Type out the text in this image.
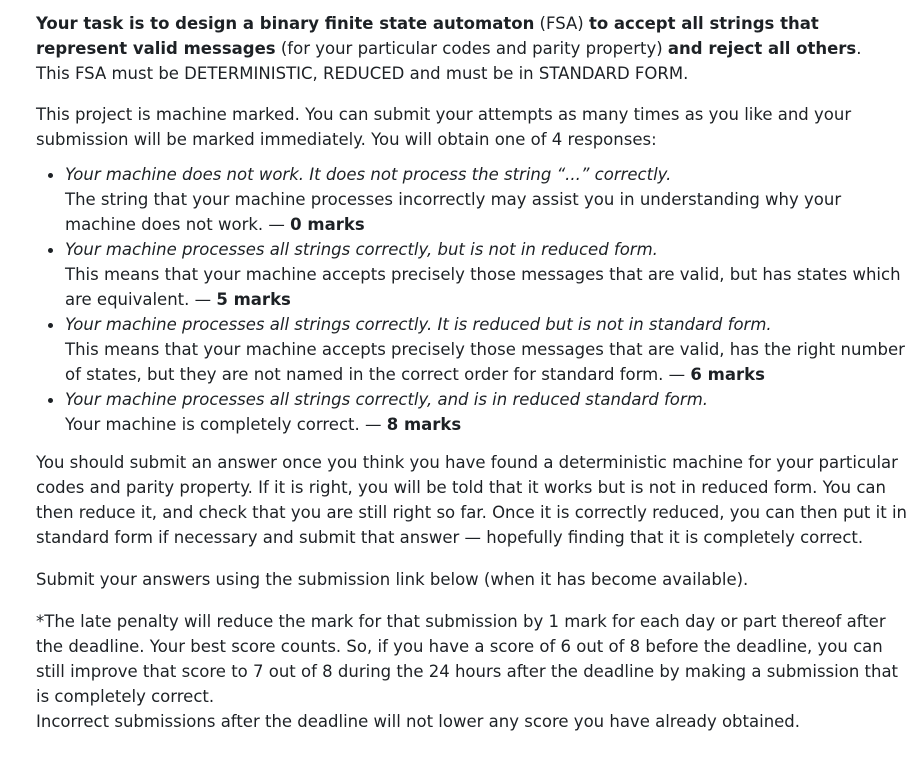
Your task is to design a binary finite state automaton (FSA) to accept all strings that represent valid messages (for your particular codes and parity property) and reject all others.
This FSA must be DETERMINISTIC, REDUCED and must be in STANDARD FORM.

This project is machine marked. You can submit your attempts as many times as you like and your submission will be marked immediately. You will obtain one of 4 responses:

• Your machine does not work. It does not process the string “...” correctly.
The string that your machine processes incorrectly may assist you in understanding why your machine does not work. — 0 marks
• Your machine processes all strings correctly, but is not in reduced form.
This means that your machine accepts precisely those messages that are valid, but has states which are equivalent. — 5 marks
• Your machine processes all strings correctly. It is reduced but is not in standard form.
This means that your machine accepts precisely those messages that are valid, has the right number of states, but they are not named in the correct order for standard form. — 6 marks
• Your machine processes all strings correctly, and is in reduced standard form.
Your machine is completely correct. — 8 marks

You should submit an answer once you think you have found a deterministic machine for your particular codes and parity property. If it is right, you will be told that it works but is not in reduced form. You can then reduce it, and check that you are still right so far. Once it is correctly reduced, you can then put it in standard form if necessary and submit that answer — hopefully finding that it is completely correct.

Submit your answers using the submission link below (when it has become available).

*The late penalty will reduce the mark for that submission by 1 mark for each day or part thereof after the deadline. Your best score counts. So, if you have a score of 6 out of 8 before the deadline, you can still improve that score to 7 out of 8 during the 24 hours after the deadline by making a submission that is completely correct.
Incorrect submissions after the deadline will not lower any score you have already obtained.
